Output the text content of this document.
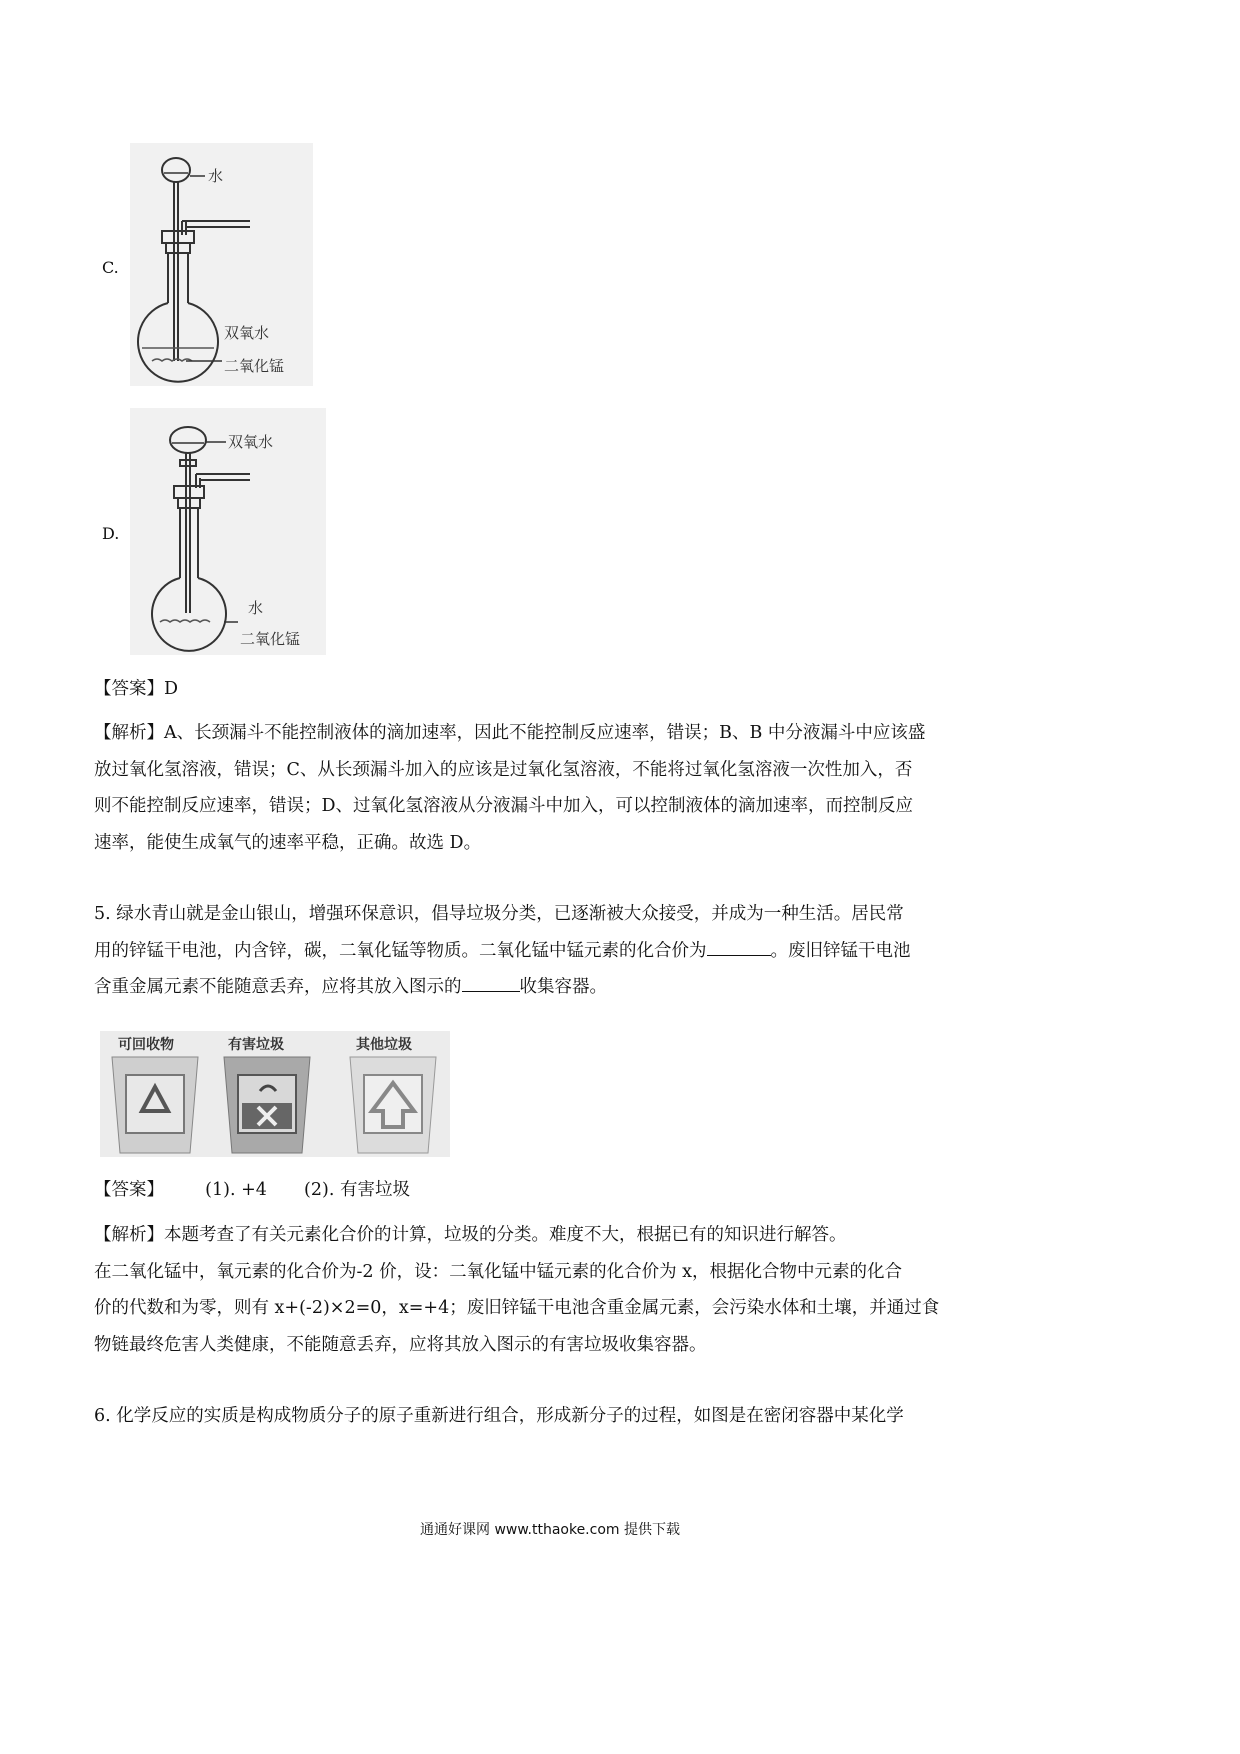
C.
水
双氧水
二氧化锰
D.
双氧水
水
二氧化锰
【答案】D
【解析】A、长颈漏斗不能控制液体的滴加速率，因此不能控制反应速率，错误；B、B 中分液漏斗中应该盛
放过氧化氢溶液，错误；C、从长颈漏斗加入的应该是过氧化氢溶液，不能将过氧化氢溶液一次性加入，否
则不能控制反应速率，错误；D、过氧化氢溶液从分液漏斗中加入，可以控制液体的滴加速率，而控制反应
速率，能使生成氧气的速率平稳，正确。故选 D。
5. 绿水青山就是金山银山，增强环保意识，倡导垃圾分类，已逐渐被大众接受，并成为一种生活。居民常
用的锌锰干电池，内含锌，碳，二氧化锰等物质。二氧化锰中锰元素的化合价为	。废旧锌锰干电池
含重金属元素不能随意丢弃，应将其放入图示的	收集容器。
可回收物	有害垃圾	其他垃圾
【答案】 (1). +4 (2). 有害垃圾
【解析】本题考查了有关元素化合价的计算，垃圾的分类。难度不大，根据已有的知识进行解答。
在二氧化锰中，氧元素的化合价为-2 价，设：二氧化锰中锰元素的化合价为 x，根据化合物中元素的化合
价的代数和为零，则有 x+(-2)×2=0，x=+4；废旧锌锰干电池含重金属元素，会污染水体和土壤，并通过食
物链最终危害人类健康，不能随意丢弃，应将其放入图示的有害垃圾收集容器。
6. 化学反应的实质是构成物质分子的原子重新进行组合，形成新分子的过程，如图是在密闭容器中某化学
通通好课网 www.tthaoke.com 提供下载
